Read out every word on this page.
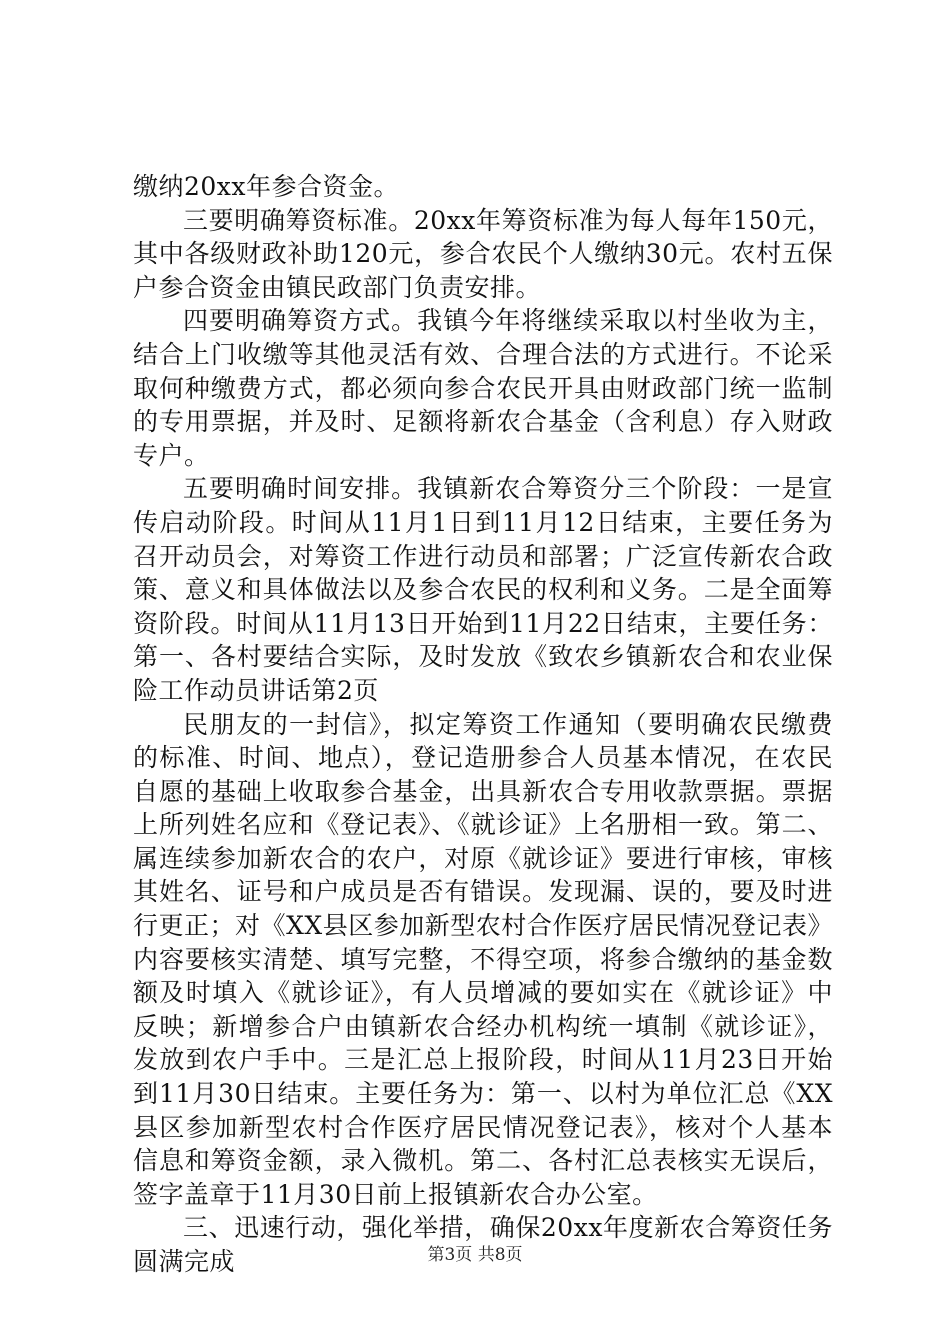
缴纳20xx年参合资金。

三要明确筹资标准。20xx年筹资标准为每人每年150元，其中各级财政补助120元，参合农民个人缴纳30元。农村五保户参合资金由镇民政部门负责安排。

四要明确筹资方式。我镇今年将继续采取以村坐收为主，结合上门收缴等其他灵活有效、合理合法的方式进行。不论采取何种缴费方式，都必须向参合农民开具由财政部门统一监制的专用票据，并及时、足额将新农合基金（含利息）存入财政专户。

五要明确时间安排。我镇新农合筹资分三个阶段：一是宣传启动阶段。时间从11月1日到11月12日结束，主要任务为召开动员会，对筹资工作进行动员和部署；广泛宣传新农合政策、意义和具体做法以及参合农民的权利和义务。二是全面筹资阶段。时间从11月13日开始到11月22日结束，主要任务：第一、各村要结合实际，及时发放《致农乡镇新农合和农业保险工作动员讲话第2页

民朋友的一封信》，拟定筹资工作通知（要明确农民缴费的标准、时间、地点），登记造册参合人员基本情况，在农民自愿的基础上收取参合基金，出具新农合专用收款票据。票据上所列姓名应和《登记表》、《就诊证》上名册相一致。第二、属连续参加新农合的农户，对原《就诊证》要进行审核，审核其姓名、证号和户成员是否有错误。发现漏、误的，要及时进行更正；对《XX县区参加新型农村合作医疗居民情况登记表》内容要核实清楚、填写完整，不得空项，将参合缴纳的基金数额及时填入《就诊证》，有人员增减的要如实在《就诊证》中反映；新增参合户由镇新农合经办机构统一填制《就诊证》，发放到农户手中。三是汇总上报阶段，时间从11月23日开始到11月30日结束。主要任务为：第一、以村为单位汇总《XX县区参加新型农村合作医疗居民情况登记表》，核对个人基本信息和筹资金额，录入微机。第二、各村汇总表核实无误后，签字盖章于11月30日前上报镇新农合办公室。

三、迅速行动，强化举措，确保20xx年度新农合筹资任务圆满完成	第3页 共8页
